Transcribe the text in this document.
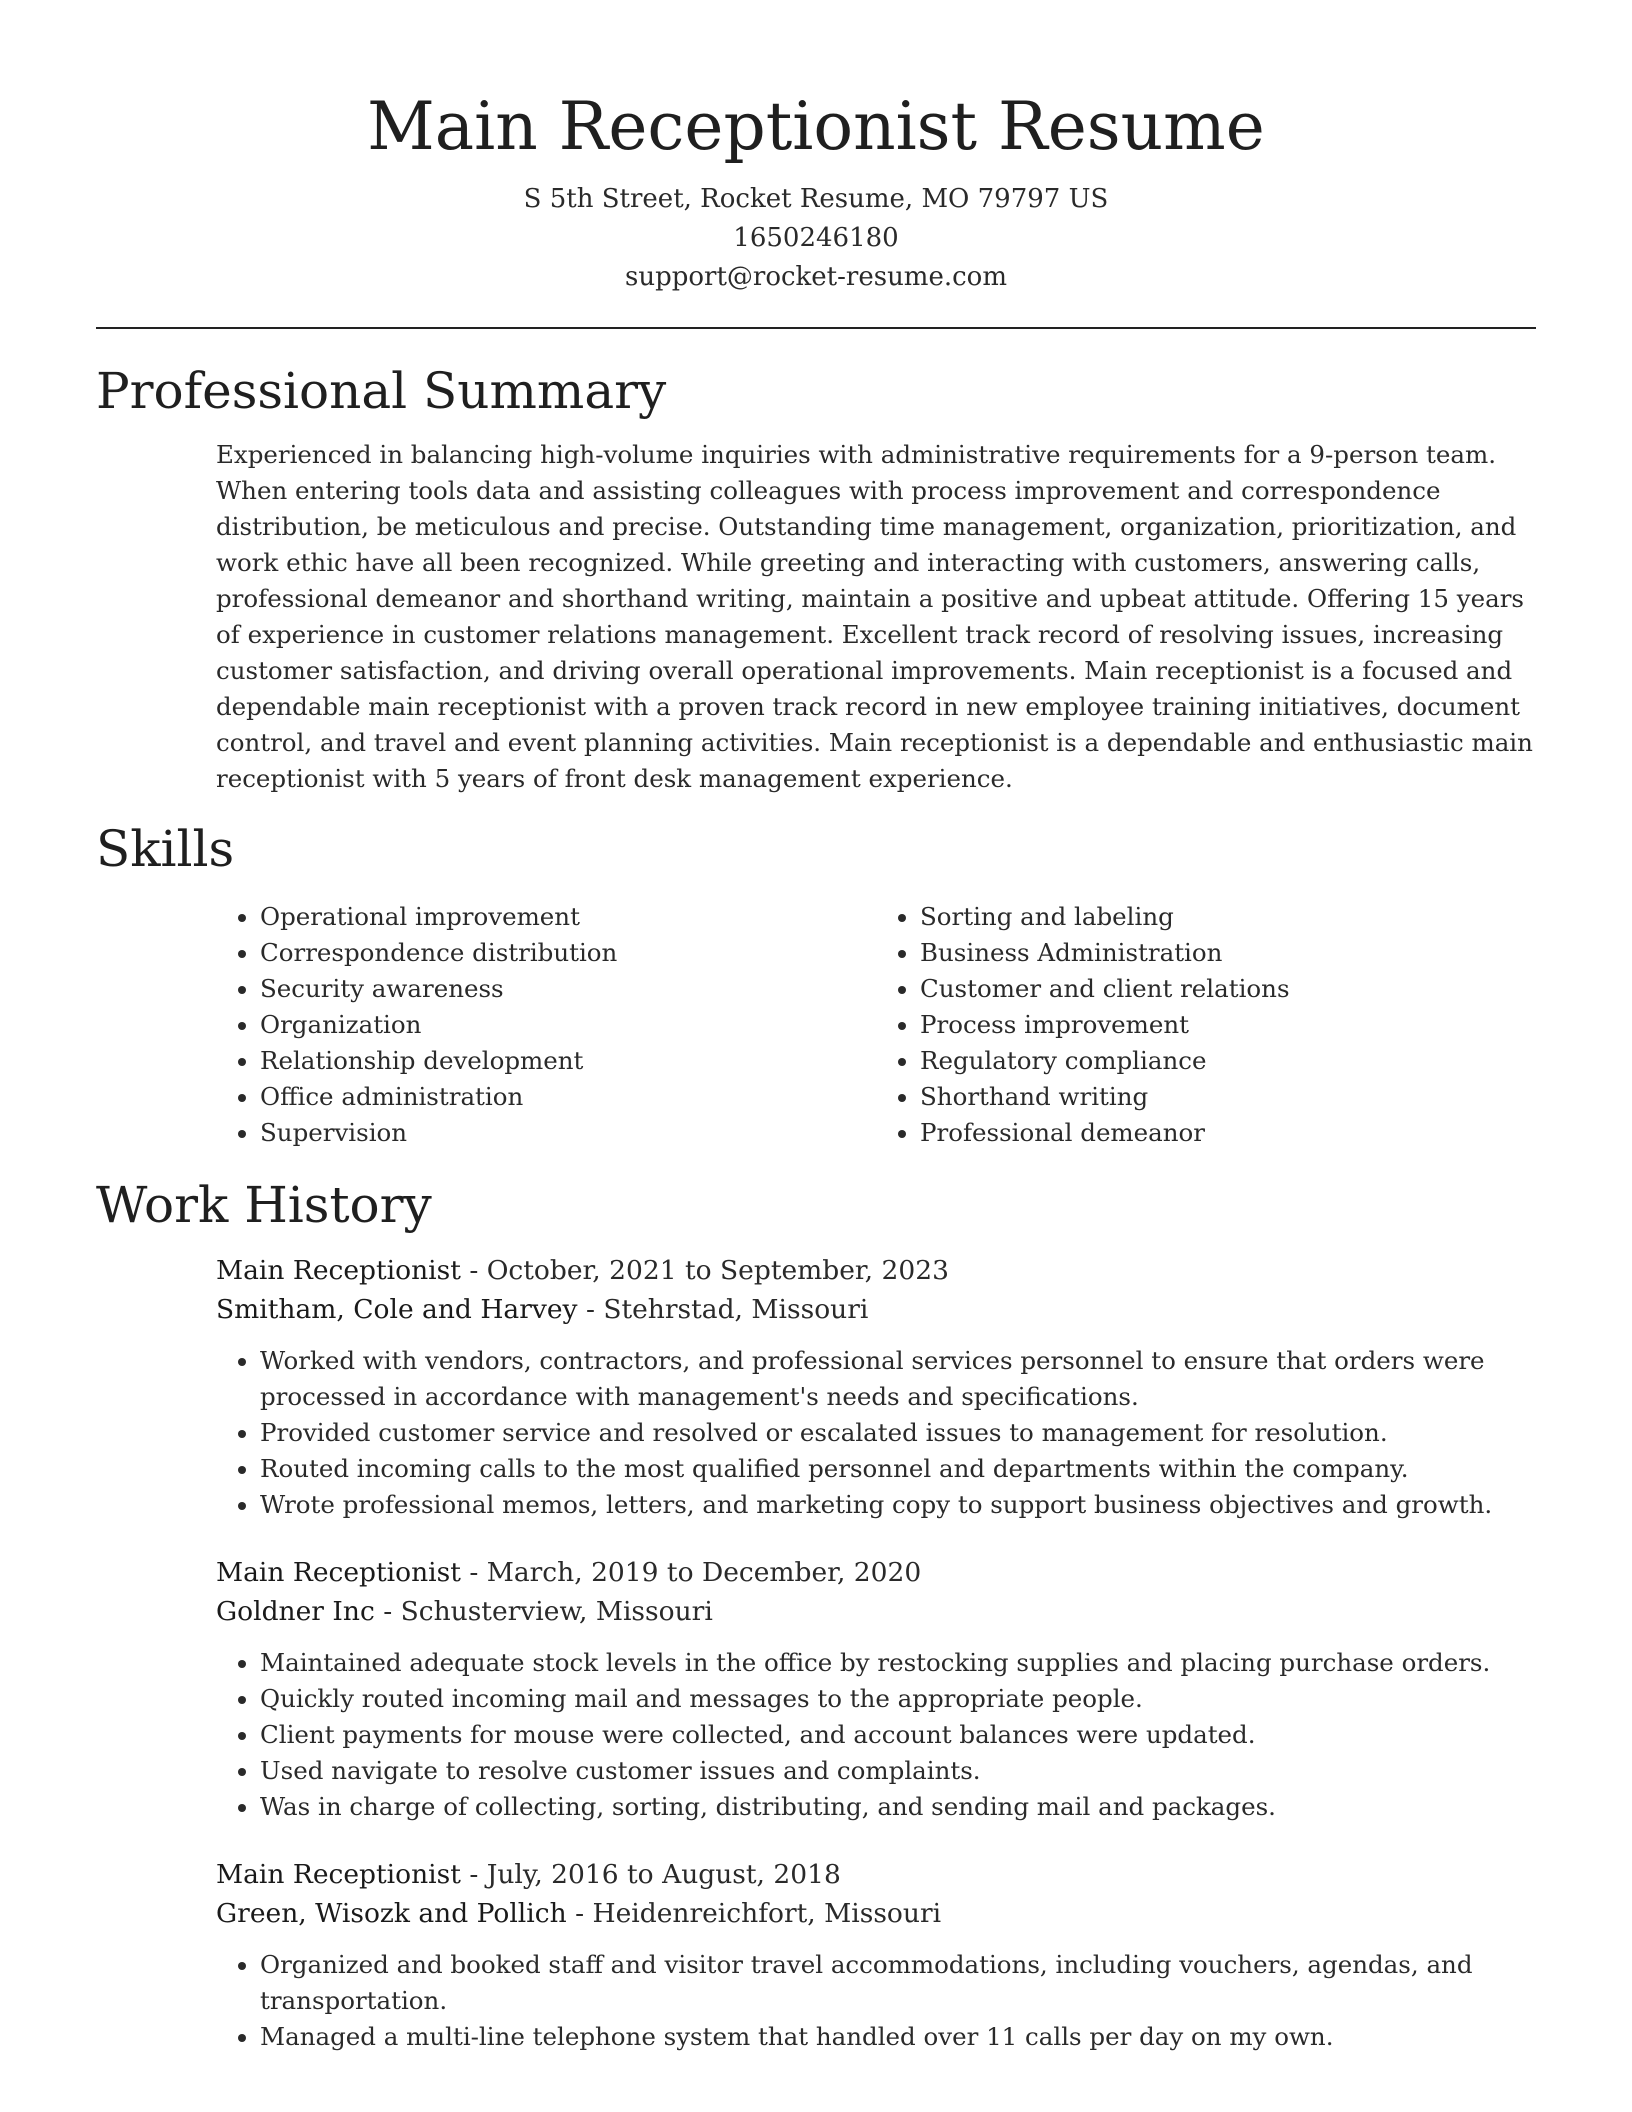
Main Receptionist Resume
S 5th Street, Rocket Resume, MO 79797 US
1650246180
support@rocket-resume.com
Professional Summary

Experienced in balancing high-volume inquiries with administrative requirements for a 9-person team. When entering tools data and assisting colleagues with process improvement and correspondence distribution, be meticulous and precise. Outstanding time management, organization, prioritization, and work ethic have all been recognized. While greeting and interacting with customers, answering calls, professional demeanor and shorthand writing, maintain a positive and upbeat attitude. Offering 15 years of experience in customer relations management. Excellent track record of resolving issues, increasing customer satisfaction, and driving overall operational improvements. Main receptionist is a focused and dependable main receptionist with a proven track record in new employee training initiatives, document control, and travel and event planning activities. Main receptionist is a dependable and enthusiastic main receptionist with 5 years of front desk management experience.

Skills
• Operational improvement
• Correspondence distribution
• Security awareness
• Organization
• Relationship development
• Office administration
• Supervision
• Sorting and labeling
• Business Administration
• Customer and client relations
• Process improvement
• Regulatory compliance
• Shorthand writing
• Professional demeanor
Work History
Main Receptionist - October, 2021 to September, 2023
Smitham, Cole and Harvey - Stehrstad, Missouri
• Worked with vendors, contractors, and professional services personnel to ensure that orders were processed in accordance with management's needs and specifications.
• Provided customer service and resolved or escalated issues to management for resolution.
• Routed incoming calls to the most qualified personnel and departments within the company.
• Wrote professional memos, letters, and marketing copy to support business objectives and growth.
Main Receptionist - March, 2019 to December, 2020
Goldner Inc - Schusterview, Missouri
• Maintained adequate stock levels in the office by restocking supplies and placing purchase orders.
• Quickly routed incoming mail and messages to the appropriate people.
• Client payments for mouse were collected, and account balances were updated.
• Used navigate to resolve customer issues and complaints.
• Was in charge of collecting, sorting, distributing, and sending mail and packages.
Main Receptionist - July, 2016 to August, 2018
Green, Wisozk and Pollich - Heidenreichfort, Missouri
• Organized and booked staff and visitor travel accommodations, including vouchers, agendas, and transportation.
• Managed a multi-line telephone system that handled over 11 calls per day on my own.
